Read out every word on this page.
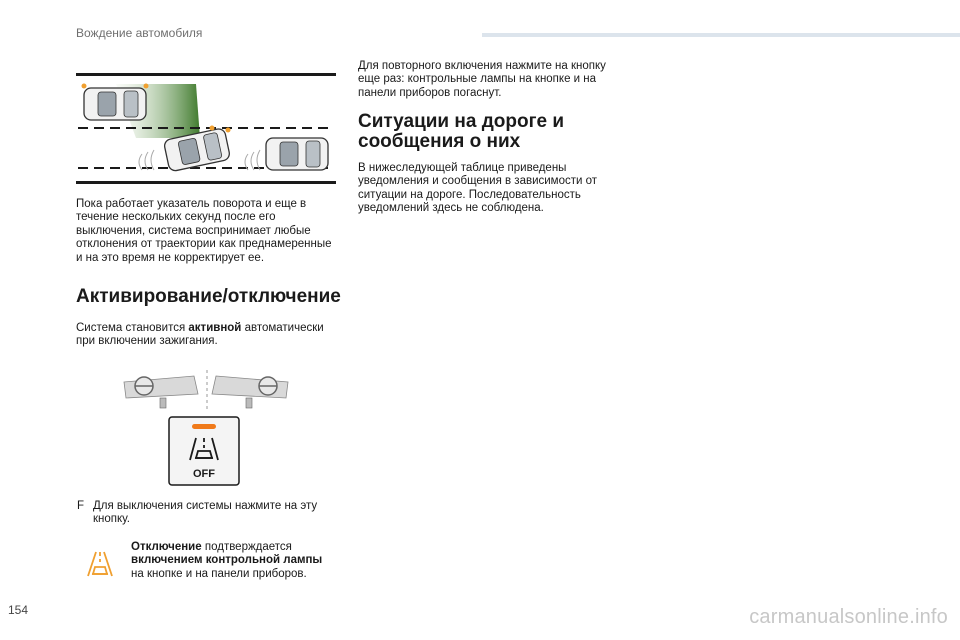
Вождение автомобиля
Пока работает указатель поворота и еще в течение нескольких секунд после его выключения, система воспринимает любые отклонения от траектории как преднамеренные и на это время не корректирует ее.
Активирование/отключение
Система становится активной автоматически при включении зажигания.
OFF
F Для выключения системы нажмите на эту кнопку.
Отключение подтверждается включением контрольной лампы на кнопке и на панели приборов.
Для повторного включения нажмите на кнопку еще раз: контрольные лампы на кнопке и на панели приборов погаснут.
Ситуации на дороге и сообщения о них
В нижеследующей таблице приведены уведомления и сообщения в зависимости от ситуации на дороге. Последовательность уведомлений здесь не соблюдена.
154	carmanualsonline.info
